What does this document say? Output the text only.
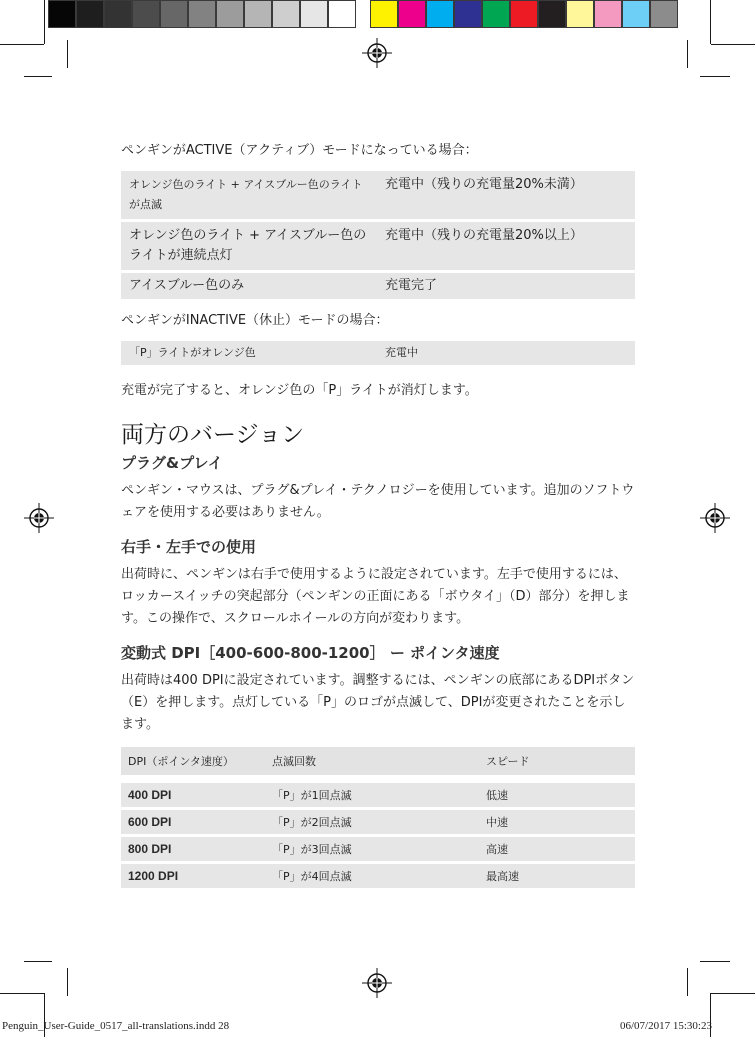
ペンギンがACTIVE（アクティブ）モードになっている場合：

オレンジ色のライト + アイスブルー色のライトが点滅	充電中（残りの充電量20%未満）
オレンジ色のライト + アイスブルー色のライトが連続点灯	充電中（残りの充電量20%以上）
アイスブルー色のみ	充電完了

ペンギンがINACTIVE（休止）モードの場合：

「P」ライトがオレンジ色	充電中

充電が完了すると、オレンジ色の「P」ライトが消灯します。

両方のバージョン
プラグ&プレイ

ペンギン・マウスは、プラグ&プレイ・テクノロジーを使用しています。追加のソフトウェアを使用する必要はありません。

右手・左手での使用

出荷時に、ペンギンは右手で使用するように設定されています。左手で使用するには、ロッカースイッチの突起部分（ペンギンの正面にある「ボウタイ」（D）部分）を押します。この操作で、スクロールホイールの方向が変わります。

変動式 DPI［400-600-800-1200］ ー ポインタ速度

出荷時は400 DPIに設定されています。調整するには、ペンギンの底部にあるDPIボタン（E）を押します。点灯している「P」のロゴが点滅して、DPIが変更されたことを示します。

DPI（ポインタ速度）	点滅回数	スピード
400 DPI	「P」が1回点滅	低速
600 DPI	「P」が2回点滅	中速
800 DPI	「P」が3回点滅	高速
1200 DPI	「P」が4回点滅	最高速
Penguin_User-Guide_0517_all-translations.indd 28	06/07/2017 15:30:23
